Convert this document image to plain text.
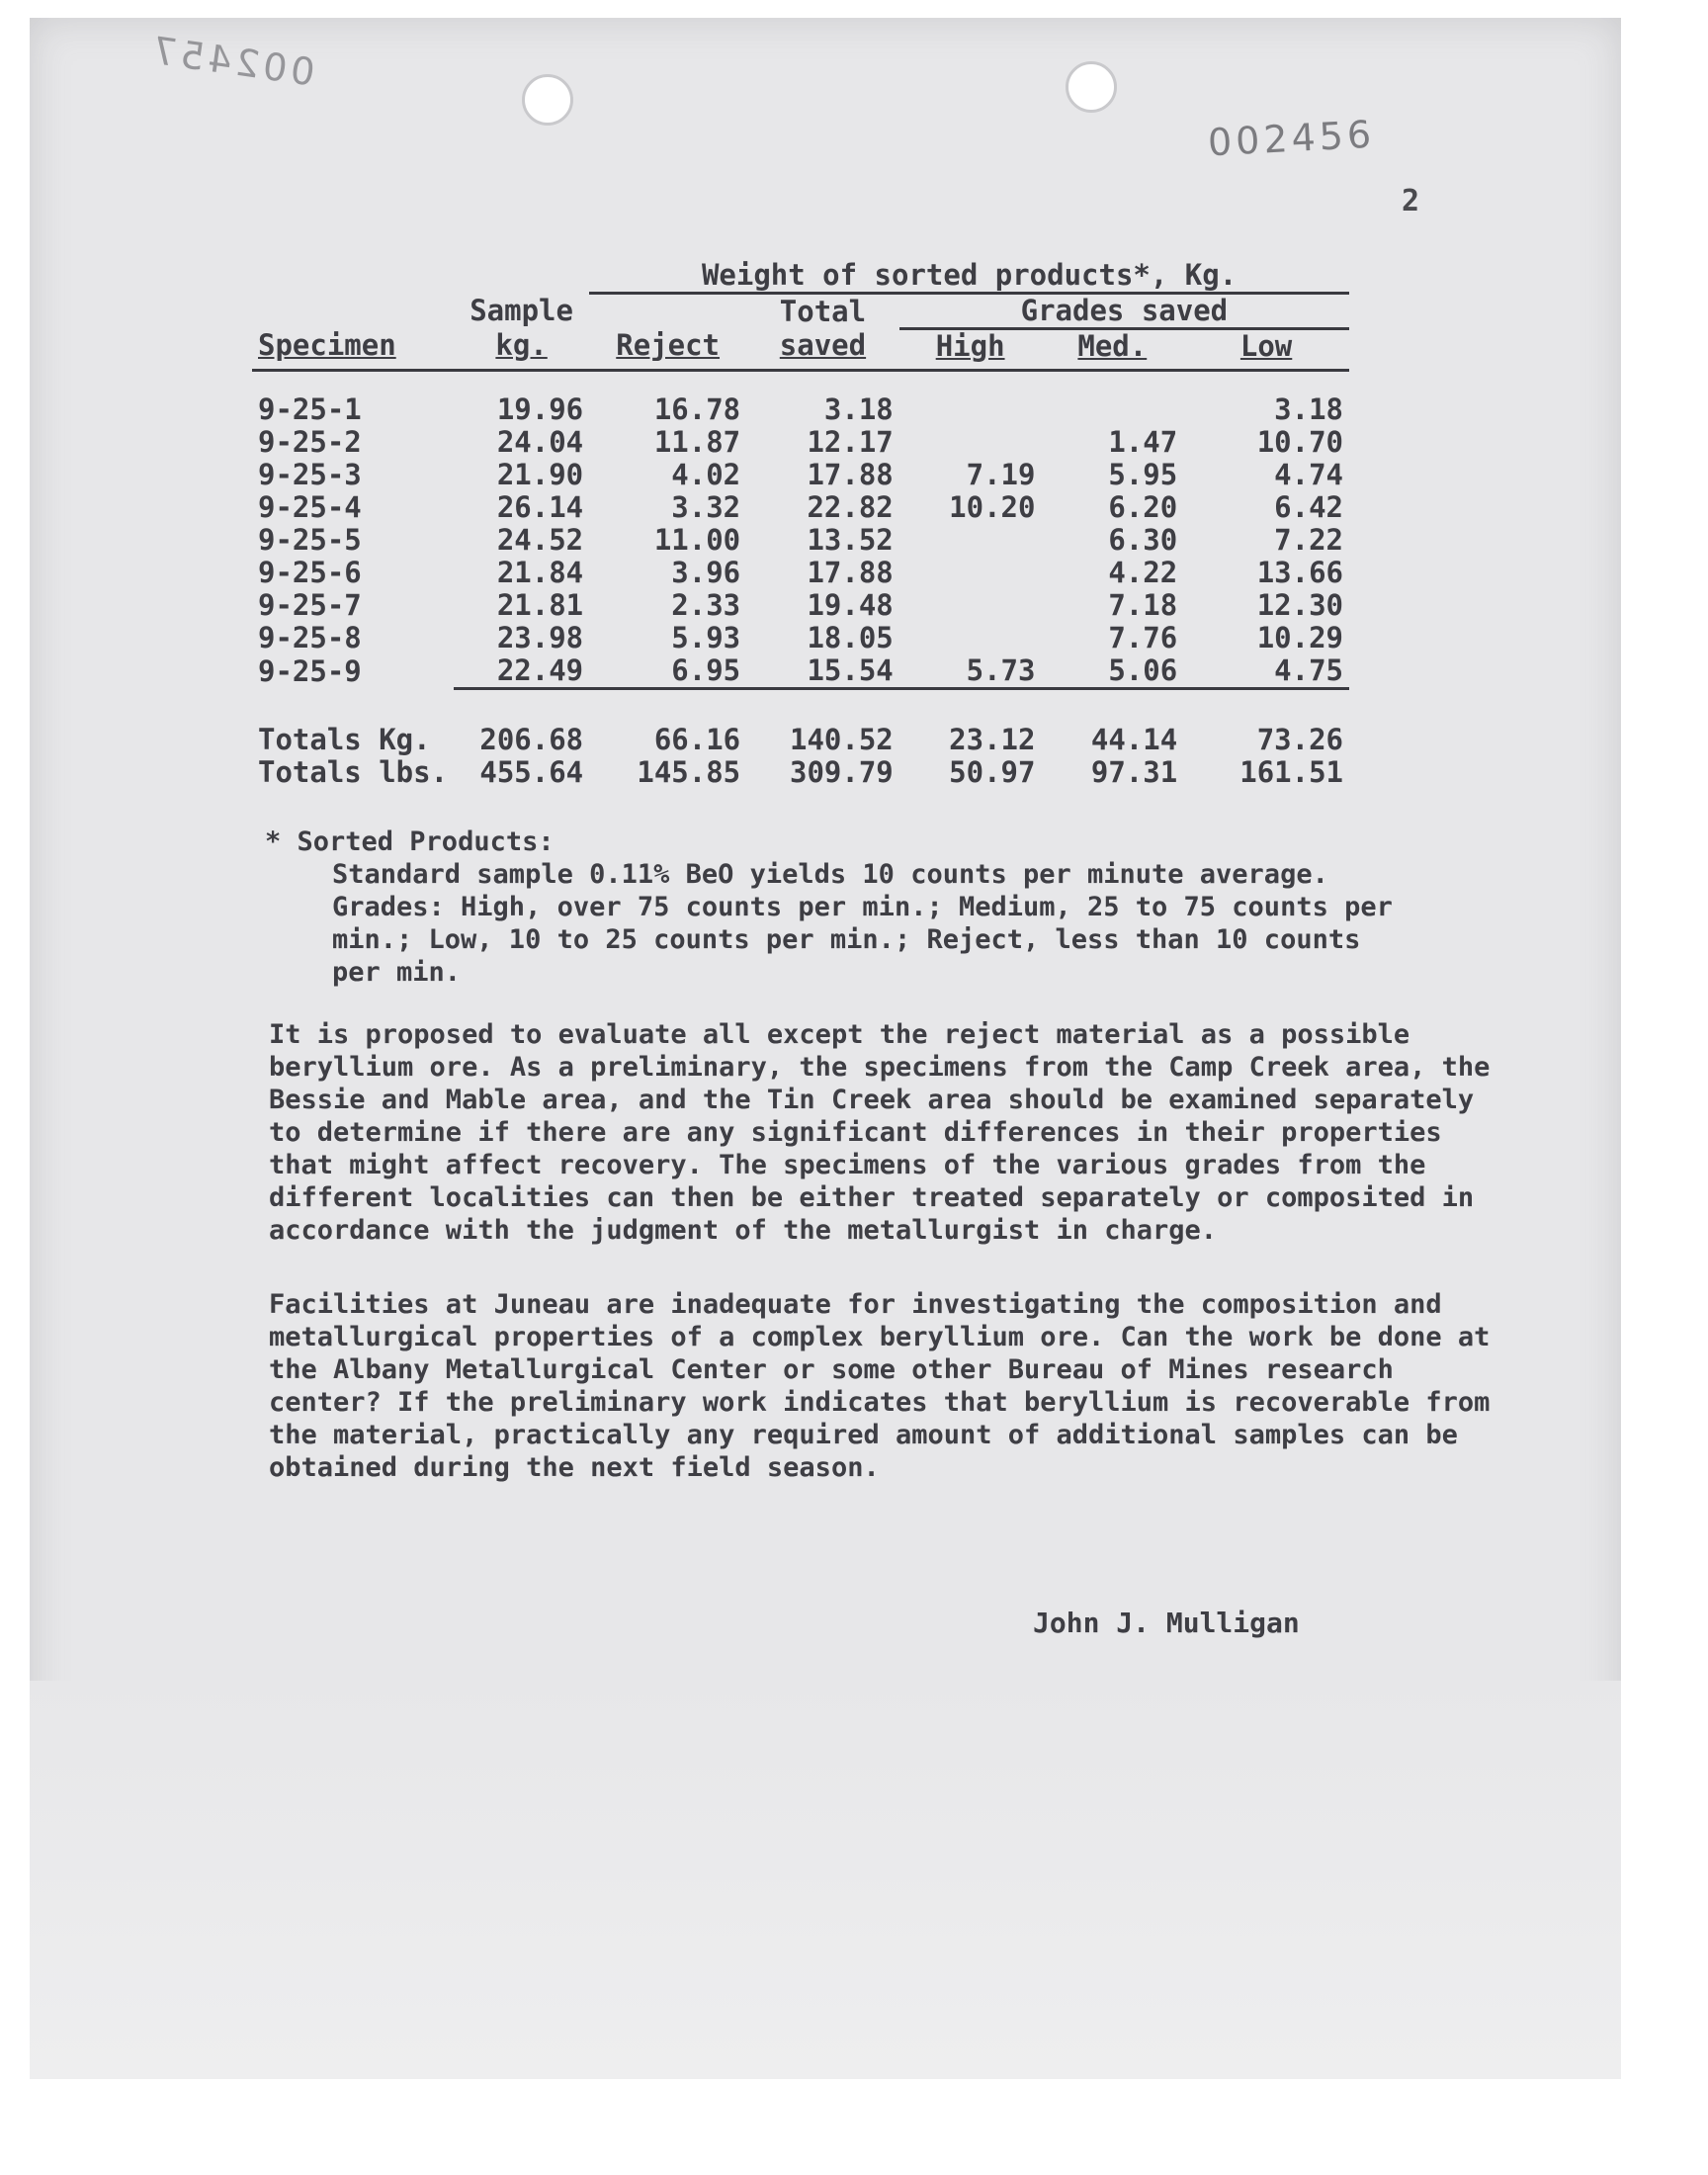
002457
002456
2
		Weight of sorted products*, Kg.				
	Sample		Total	Grades saved		
Specimen	kg.	Reject	saved	High	Med.	Low

9-25-1	19.96	16.78	3.18			3.18
9-25-2	24.04	11.87	12.17		1.47	10.70
9-25-3	21.90	4.02	17.88	7.19	5.95	4.74
9-25-4	26.14	3.32	22.82	10.20	6.20	6.42
9-25-5	24.52	11.00	13.52		6.30	7.22
9-25-6	21.84	3.96	17.88		4.22	13.66
9-25-7	21.81	2.33	19.48		7.18	12.30
9-25-8	23.98	5.93	18.05		7.76	10.29
9-25-9	22.49	6.95	15.54	5.73	5.06	4.75

Totals Kg.	206.68	66.16	140.52	23.12	44.14	73.26
Totals lbs.	455.64	145.85	309.79	50.97	97.31	161.51
* Sorted Products:
Standard sample 0.11% BeO yields 10 counts per minute average. Grades: High, over 75 counts per min.; Medium, 25 to 75 counts per min.; Low, 10 to 25 counts per min.; Reject, less than 10 counts per min.

It is proposed to evaluate all except the reject material as a possible beryllium ore. As a preliminary, the specimens from the Camp Creek area, the Bessie and Mable area, and the Tin Creek area should be examined separately to determine if there are any significant differences in their properties that might affect recovery. The specimens of the various grades from the different localities can then be either treated separately or composited in accordance with the judgment of the metallurgist in charge.

Facilities at Juneau are inadequate for investigating the composition and metallurgical properties of a complex beryllium ore. Can the work be done at the Albany Metallurgical Center or some other Bureau of Mines research center? If the preliminary work indicates that beryllium is recoverable from the material, practically any required amount of additional samples can be obtained during the next field season.

John J. Mulligan
